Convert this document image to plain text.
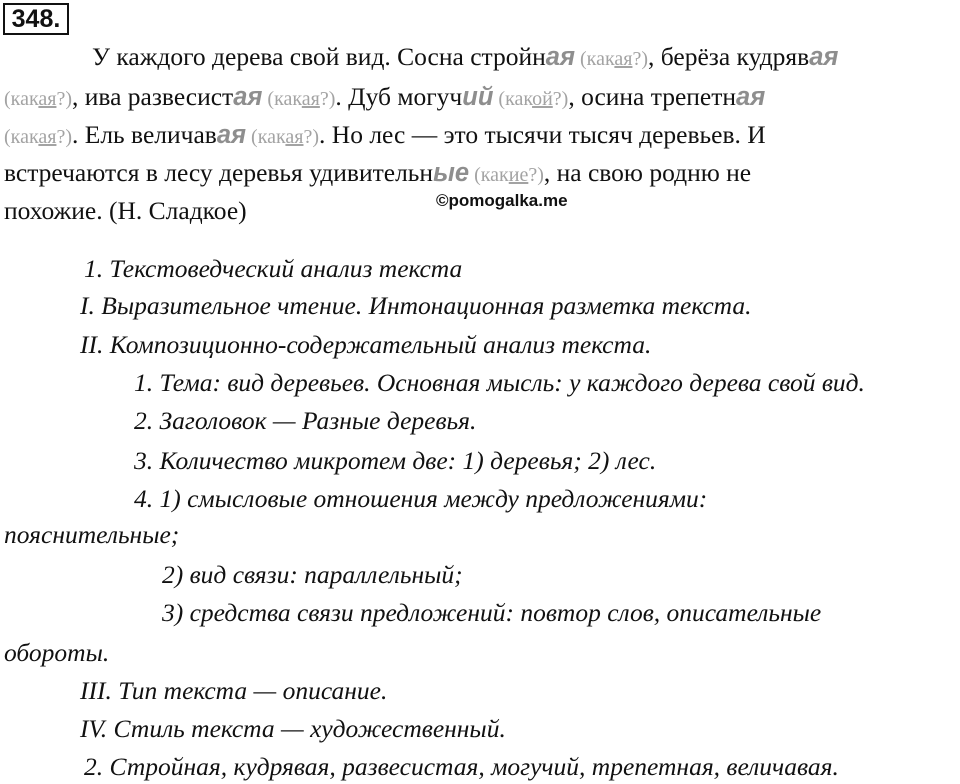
348.
У каждого дерева свой вид. Сосна стройная (какая?), берёза кудрявая
(какая?), ива развесистая (какая?). Дуб могучий (какой?), осина трепетная
(какая?). Ель величавая (какая?). Но лес — это тысячи тысяч деревьев. И
встречаются в лесу деревья удивительные (какие?), на свою родню не
похожие. (Н. Сладкое)	©pomogalka.me
1. Текстоведческий анализ текста
I. Выразительное чтение. Интонационная разметка текста.
II. Композиционно-содержательный анализ текста.
1. Тема: вид деревьев. Основная мысль: у каждого дерева свой вид.
2. Заголовок — Разные деревья.
3. Количество микротем две: 1) деревья; 2) лес.
4. 1) смысловые отношения между предложениями:
пояснительные;
2) вид связи: параллельный;
3) средства связи предложений: повтор слов, описательные
обороты.
III. Тип текста — описание.
IV. Стиль текста — художественный.
2. Стройная, кудрявая, развесистая, могучий, трепетная, величавая.
